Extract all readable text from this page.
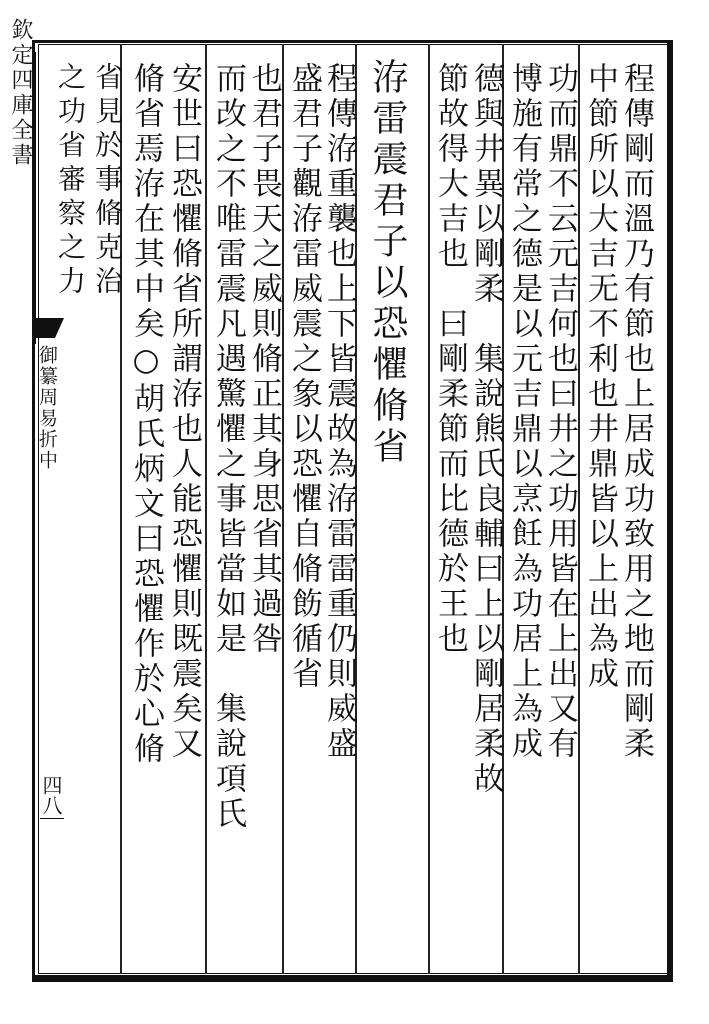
欽定四庫全書
御纂周易折中
四八
程傳剛而溫乃有節也上居成功致用之地而剛柔
中節所以大吉无不利也井鼎皆以上出為成
功而鼎不云元吉何也曰井之功用皆在上出又有
博施有常之德是以元吉鼎以烹飪為功居上為成
德與井異以剛柔　集說熊氏良輔曰上以剛居柔故
節故得大吉也　曰剛柔節而比德於王也
洊雷震君子以恐懼脩省
程傳洊重襲也上下皆震故為洊雷雷重仍則威盛
盛君子觀洊雷威震之象以恐懼自脩飭循省
也君子畏天之威則脩正其身思省其過咎
而改之不唯雷震凡遇驚懼之事皆當如是　集說項氏
安世曰恐懼脩省所謂洊也人能恐懼則既震矣又
脩省焉洊在其中矣○胡氏炳文曰恐懼作於心脩
省見於事脩克治
之功省審察之力
